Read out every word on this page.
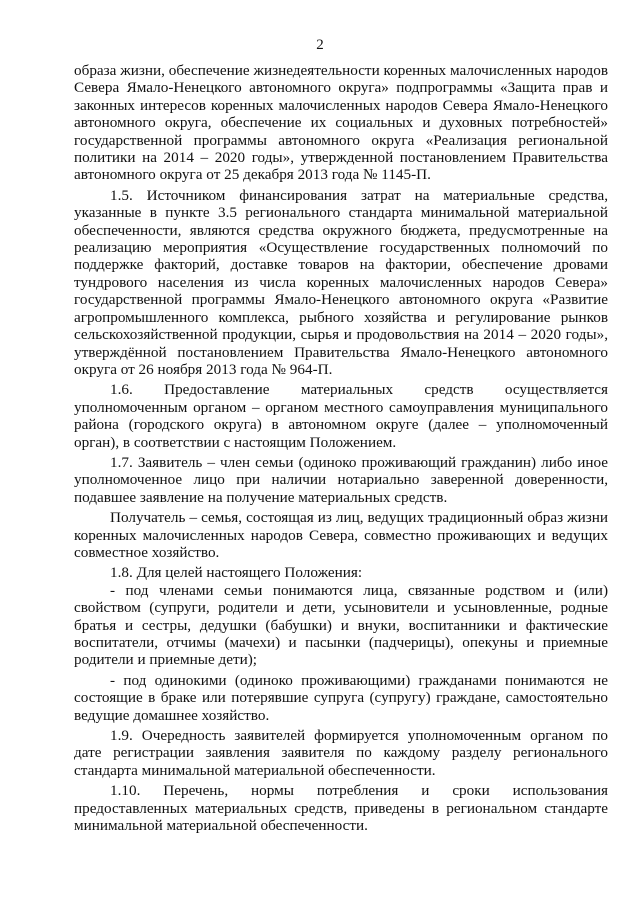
2

образа жизни, обеспечение жизнедеятельности коренных малочисленных народов Севера Ямало-Ненецкого автономного округа» подпрограммы «Защита прав и законных интересов коренных малочисленных народов Севера Ямало-Ненецкого автономного округа, обеспечение их социальных и духовных потребностей» государственной программы автономного округа «Реализация региональной политики на 2014 – 2020 годы», утвержденной постановлением Правительства автономного округа от 25 декабря 2013 года № 1145-П.

1.5. Источником финансирования затрат на материальные средства, указанные в пункте 3.5 регионального стандарта минимальной материальной обеспеченности, являются средства окружного бюджета, предусмотренные на реализацию мероприятия «Осуществление государственных полномочий по поддержке факторий, доставке товаров на фактории, обеспечение дровами тундрового населения из числа коренных малочисленных народов Севера» государственной программы Ямало-Ненецкого автономного округа «Развитие агропромышленного комплекса, рыбного хозяйства и регулирование рынков сельскохозяйственной продукции, сырья и продовольствия на 2014 – 2020 годы», утверждённой постановлением Правительства Ямало-Ненецкого автономного округа от 26 ноября 2013 года № 964-П.

1.6. Предоставление материальных средств осуществляется уполномоченным органом – органом местного самоуправления муниципального района (городского округа) в автономном округе (далее – уполномоченный орган), в соответствии с настоящим Положением.

1.7. Заявитель – член семьи (одиноко проживающий гражданин) либо иное уполномоченное лицо при наличии нотариально заверенной доверенности, подавшее заявление на получение материальных средств.

Получатель – семья, состоящая из лиц, ведущих традиционный образ жизни коренных малочисленных народов Севера, совместно проживающих и ведущих совместное хозяйство.

1.8. Для целей настоящего Положения:

- под членами семьи понимаются лица, связанные родством и (или) свойством (супруги, родители и дети, усыновители и усыновленные, родные братья и сестры, дедушки (бабушки) и внуки, воспитанники и фактические воспитатели, отчимы (мачехи) и пасынки (падчерицы), опекуны и приемные родители и приемные дети);

- под одинокими (одиноко проживающими) гражданами понимаются не состоящие в браке или потерявшие супруга (супругу) граждане, самостоятельно ведущие домашнее хозяйство.

1.9. Очередность заявителей формируется уполномоченным органом по дате регистрации заявления заявителя по каждому разделу регионального стандарта минимальной материальной обеспеченности.

1.10. Перечень, нормы потребления и сроки использования предоставленных материальных средств, приведены в региональном стандарте минимальной материальной обеспеченности.
